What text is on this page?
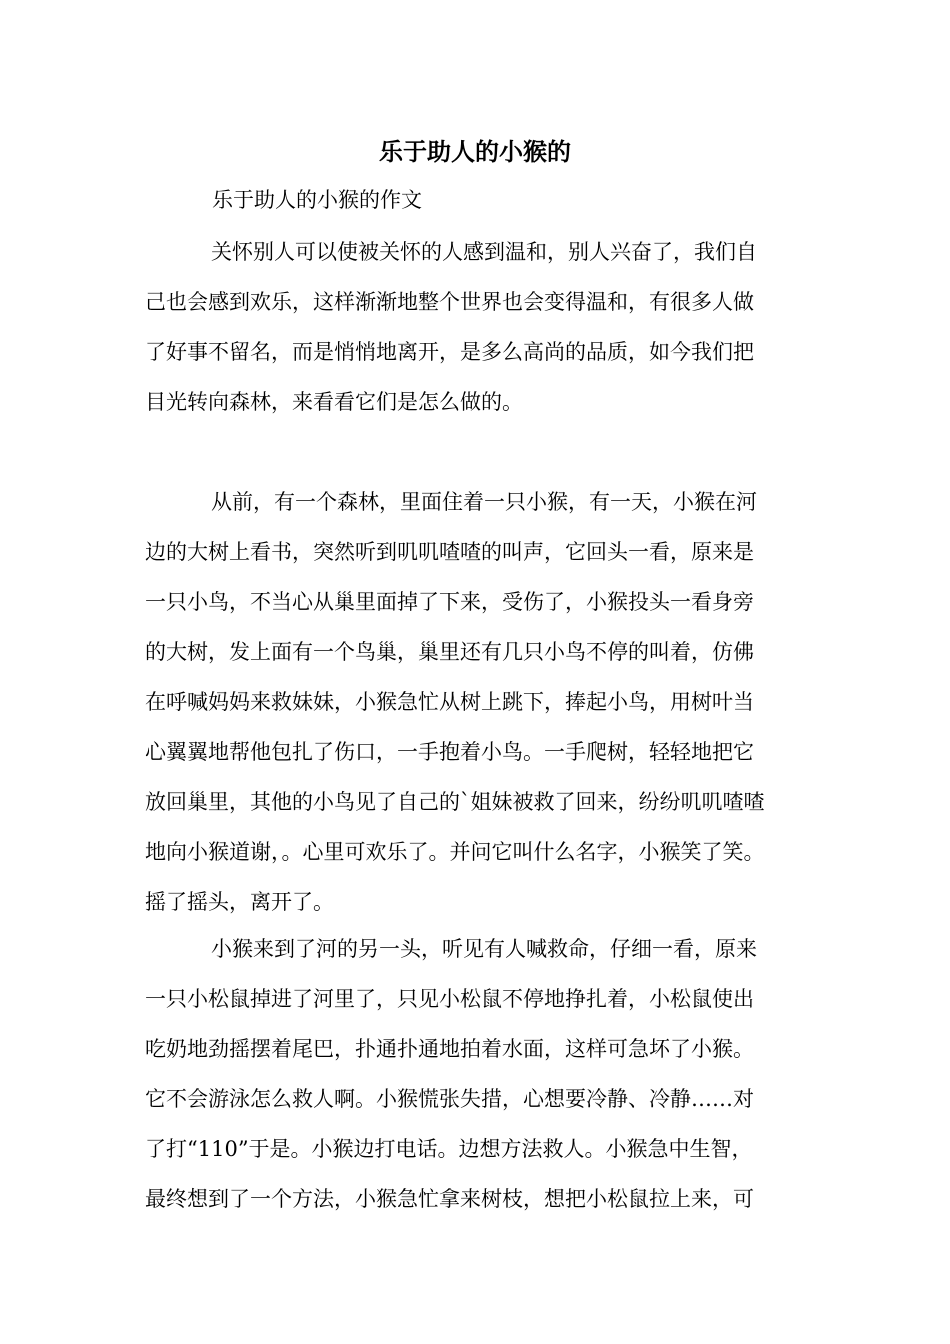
乐于助人的小猴的

乐于助人的小猴的作文

关怀别人可以使被关怀的人感到温和，别人兴奋了，我们自
己也会感到欢乐，这样渐渐地整个世界也会变得温和，有很多人做
了好事不留名，而是悄悄地离开，是多么高尚的品质，如今我们把
目光转向森林，来看看它们是怎么做的。
从前，有一个森林，里面住着一只小猴，有一天，小猴在河
边的大树上看书，突然听到叽叽喳喳的叫声，它回头一看，原来是
一只小鸟，不当心从巢里面掉了下来，受伤了，小猴投头一看身旁
的大树，发上面有一个鸟巢，巢里还有几只小鸟不停的叫着，仿佛
在呼喊妈妈来救妹妹，小猴急忙从树上跳下，捧起小鸟，用树叶当
心翼翼地帮他包扎了伤口，一手抱着小鸟。一手爬树，轻轻地把它
放回巢里，其他的小鸟见了自己的`姐妹被救了回来，纷纷叽叽喳喳
地向小猴道谢，。心里可欢乐了。并问它叫什么名字，小猴笑了笑。
摇了摇头，离开了。
小猴来到了河的另一头，听见有人喊救命，仔细一看，原来
一只小松鼠掉进了河里了，只见小松鼠不停地挣扎着，小松鼠使出
吃奶地劲摇摆着尾巴，扑通扑通地拍着水面，这样可急坏了小猴。
它不会游泳怎么救人啊。小猴慌张失措，心想要冷静、冷静……对
了打“110”于是。小猴边打电话。边想方法救人。小猴急中生智，
最终想到了一个方法，小猴急忙拿来树枝，想把小松鼠拉上来，可
